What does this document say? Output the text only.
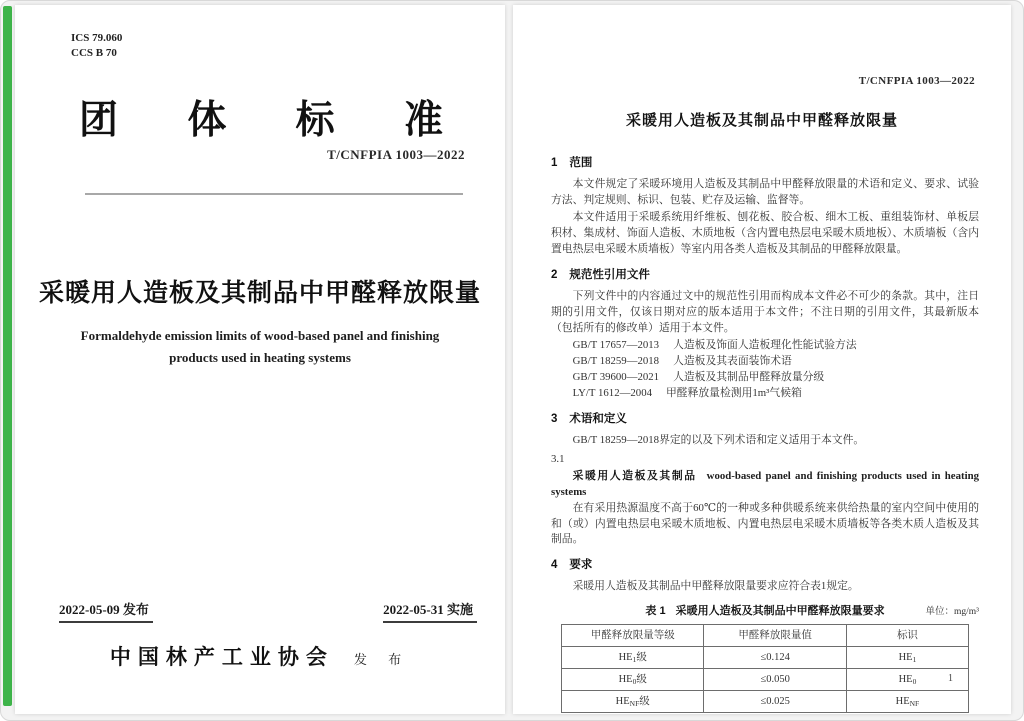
ICS 79.060
CCS B 70
团 体 标 准
T/CNFPIA 1003—2022
采暖用人造板及其制品中甲醛释放限量
Formaldehyde emission limits of wood-based panel and finishing
products used in heating systems
2022-05-09 发布	2022-05-31 实施
中国林产工业协会 发 布
T/CNFPIA 1003—2022
采暖用人造板及其制品中甲醛释放限量
1 范围

本文件规定了采暖环境用人造板及其制品中甲醛释放限量的术语和定义、要求、试验方法、判定规则、标识、包装、贮存及运输、监督等。

本文件适用于采暖系统用纤维板、刨花板、胶合板、细木工板、重组装饰材、单板层积材、集成材、饰面人造板、木质地板（含内置电热层电采暖木质地板）、木质墙板（含内置电热层电采暖木质墙板）等室内用各类人造板及其制品的甲醛释放限量。

2 规范性引用文件

下列文件中的内容通过文中的规范性引用而构成本文件必不可少的条款。其中，注日期的引用文件，仅该日期对应的版本适用于本文件；不注日期的引用文件，其最新版本（包括所有的修改单）适用于本文件。

GB/T 17657—2013 人造板及饰面人造板理化性能试验方法
GB/T 18259—2018 人造板及其表面装饰术语
GB/T 39600—2021 人造板及其制品甲醛释放量分级
LY/T 1612—2004 甲醛释放量检测用1m³气候箱
3 术语和定义

GB/T 18259—2018界定的以及下列术语和定义适用于本文件。

3.1

采暖用人造板及其制品 wood-based panel and finishing products used in heating systems

在有采用热源温度不高于60℃的一种或多种供暖系统来供给热量的室内空间中使用的和（或）内置电热层电采暖木质地板、内置电热层电采暖木质墙板等各类木质人造板及其制品。

4 要求

采暖用人造板及其制品中甲醛释放限量要求应符合表1规定。

表 1 采暖用人造板及其制品中甲醛释放限量要求	单位：mg/m³
甲醛释放限量等级	甲醛释放限量值	标识
$HE_1$级	≤0.124	$HE_1$
$HE_0$级	≤0.050	$HE_0$
$HE_{NF}$级	≤0.025	$HE_{NF}$
1
